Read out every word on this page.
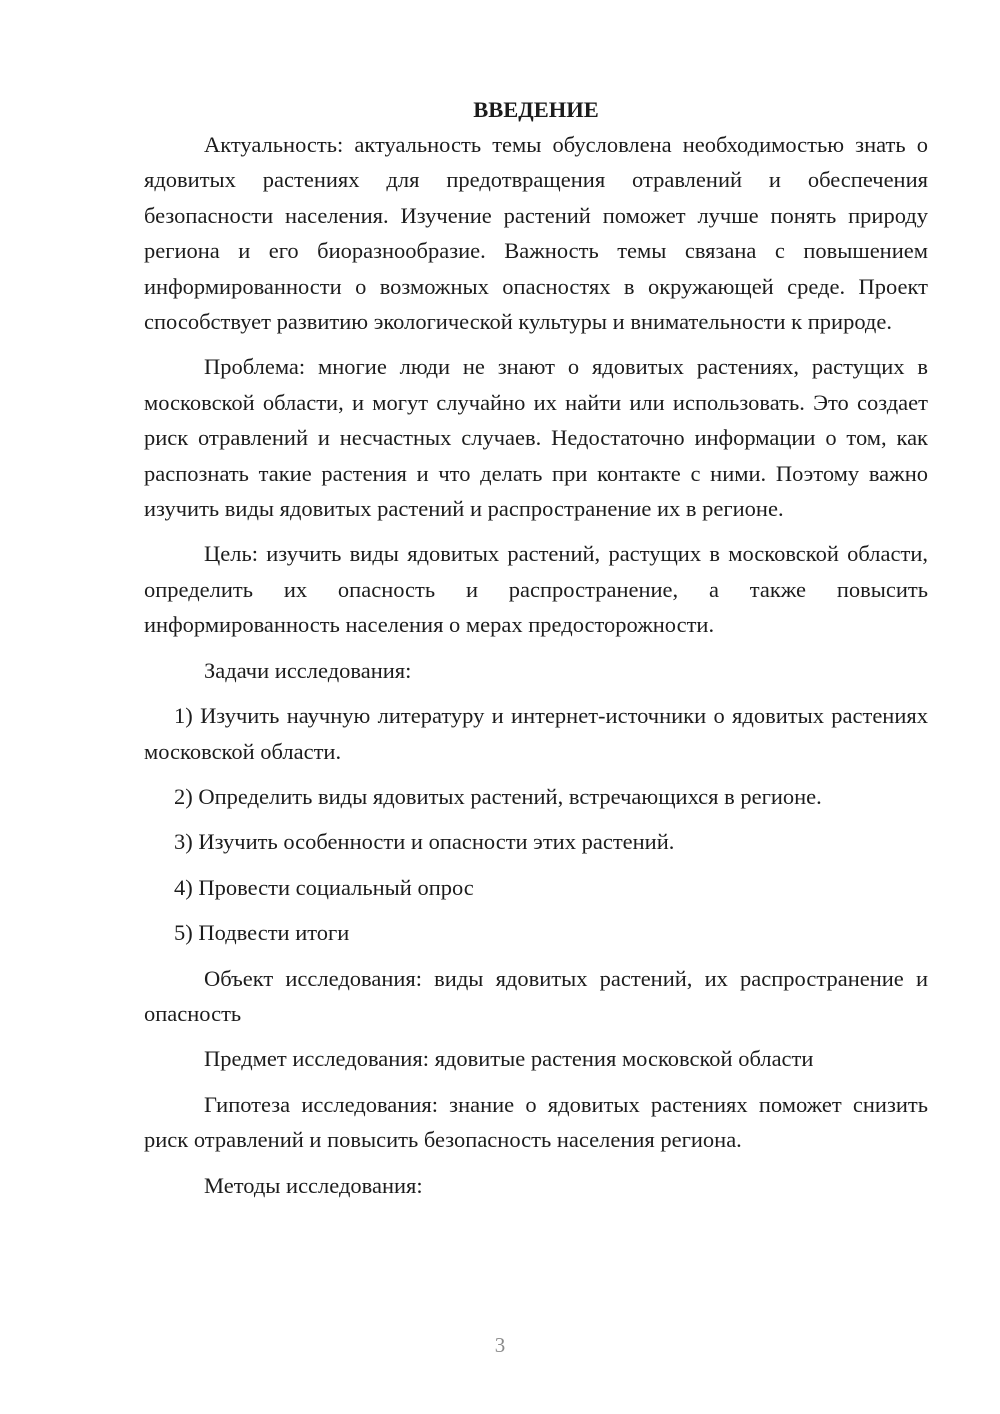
ВВЕДЕНИЕ

Актуальность: актуальность темы обусловлена необходимостью знать о ядовитых растениях для предотвращения отравлений и обеспечения безопасности населения. Изучение растений поможет лучше понять природу региона и его биоразнообразие. Важность темы связана с повышением информированности о возможных опасностях в окружающей среде. Проект способствует развитию экологической культуры и внимательности к природе.

Проблема: многие люди не знают о ядовитых растениях, растущих в московской области, и могут случайно их найти или использовать. Это создает риск отравлений и несчастных случаев. Недостаточно информации о том, как распознать такие растения и что делать при контакте с ними. Поэтому важно изучить виды ядовитых растений и распространение их в регионе.

Цель: изучить виды ядовитых растений, растущих в московской области, определить их опасность и распространение, а также повысить информированность населения о мерах предосторожности.

Задачи исследования:

1) Изучить научную литературу и интернет-источники о ядовитых растениях московской области.

2) Определить виды ядовитых растений, встречающихся в регионе.

3) Изучить особенности и опасности этих растений.

4) Провести социальный опрос

5) Подвести итоги

Объект исследования: виды ядовитых растений, их распространение и опасность

Предмет исследования: ядовитые растения московской области

Гипотеза исследования: знание о ядовитых растениях поможет снизить риск отравлений и повысить безопасность населения региона.

Методы исследования:

3
